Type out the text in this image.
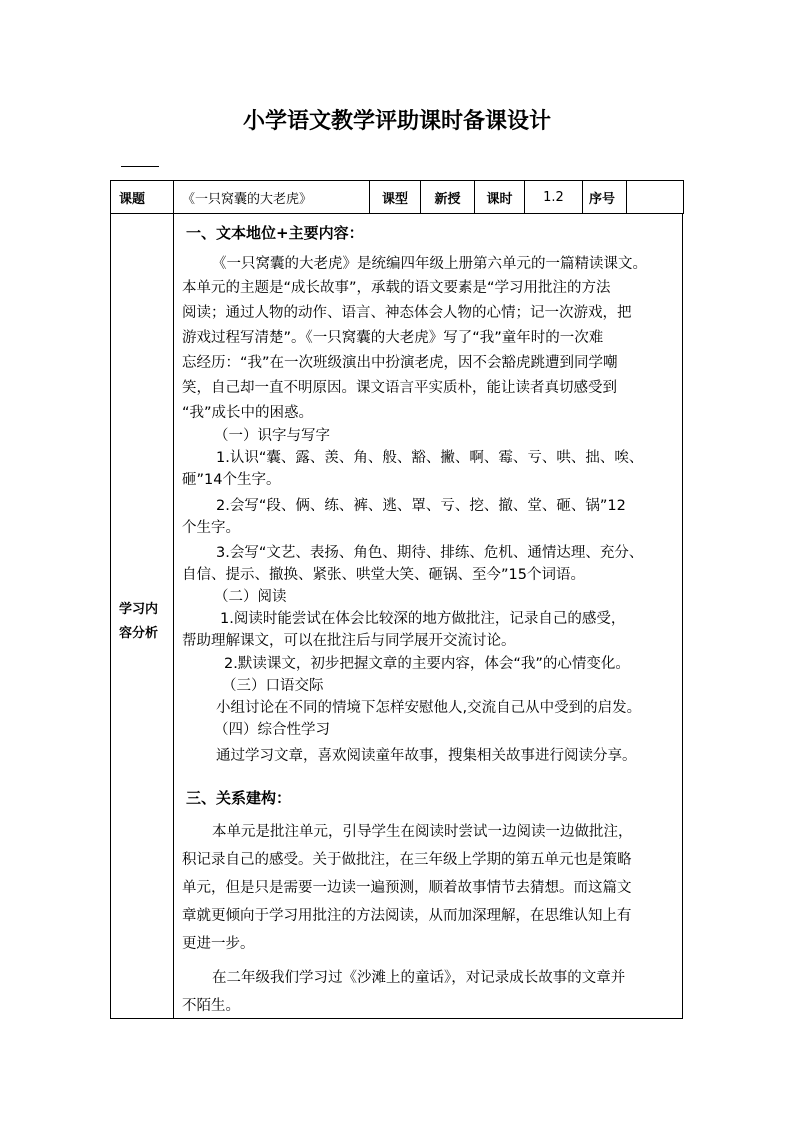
小学语文教学评助课时备课设计
课题	《一只窝囊的大老虎》	课型 新授 课时 1.2 序号
学习内
容分析
一、文本地位+主要内容：
《一只窝囊的大老虎》是统编四年级上册第六单元的一篇精读课文。
本单元的主题是“成长故事”，承载的语文要素是“学习用批注的方法
阅读；通过人物的动作、语言、神态体会人物的心情；记一次游戏，把
游戏过程写清楚”。《一只窝囊的大老虎》写了“我”童年时的一次难
忘经历：“我”在一次班级演出中扮演老虎，因不会豁虎跳遭到同学嘲
笑，自己却一直不明原因。课文语言平实质朴，能让读者真切感受到
“我”成长中的困惑。
（一）识字与写字
1.认识“囊、露、羡、角、般、豁、撇、啊、霉、亏、哄、拙、唉、
砸”14个生字。
2.会写“段、俩、练、裤、逃、罩、亏、挖、撤、堂、砸、锅”12
个生字。
3.会写“文艺、表扬、角色、期待、排练、危机、通情达理、充分、
自信、提示、撤换、紧张、哄堂大笑、砸锅、至今”15个词语。
（二）阅读
1.阅读时能尝试在体会比较深的地方做批注，记录自己的感受，
帮助理解课文，可以在批注后与同学展开交流讨论。
2.默读课文，初步把握文章的主要内容，体会“我”的心情变化。
（三）口语交际
小组讨论在不同的情境下怎样安慰他人,交流自己从中受到的启发。
（四）综合性学习
通过学习文章，喜欢阅读童年故事，搜集相关故事进行阅读分享。
三、关系建构：
本单元是批注单元，引导学生在阅读时尝试一边阅读一边做批注，
积记录自己的感受。关于做批注，在三年级上学期的第五单元也是策略
单元，但是只是需要一边读一遍预测，顺着故事情节去猜想。而这篇文
章就更倾向于学习用批注的方法阅读，从而加深理解，在思维认知上有
更进一步。
在二年级我们学习过《沙滩上的童话》，对记录成长故事的文章并
不陌生。
